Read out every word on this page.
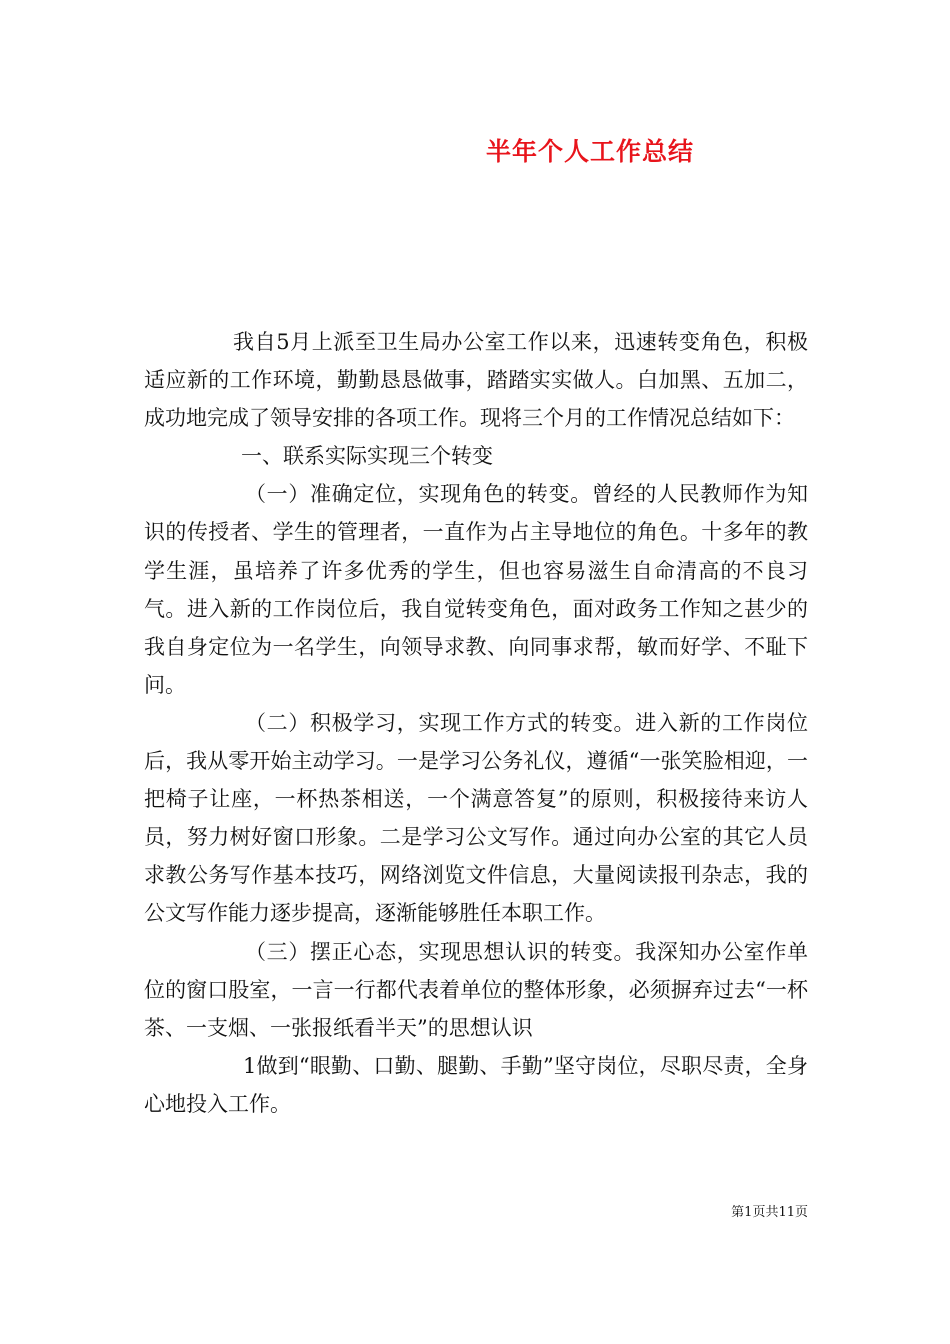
半年个人工作总结

我自5月上派至卫生局办公室工作以来，迅速转变角色，积极适应新的工作环境，勤勤恳恳做事，踏踏实实做人。白加黑、五加二，成功地完成了领导安排的各项工作。现将三个月的工作情况总结如下：

一、联系实际实现三个转变

（一）准确定位，实现角色的转变。曾经的人民教师作为知识的传授者、学生的管理者，一直作为占主导地位的角色。十多年的教学生涯，虽培养了许多优秀的学生，但也容易滋生自命清高的不良习气。进入新的工作岗位后，我自觉转变角色，面对政务工作知之甚少的我自身定位为一名学生，向领导求教、向同事求帮，敏而好学、不耻下问。

（二）积极学习，实现工作方式的转变。进入新的工作岗位后，我从零开始主动学习。一是学习公务礼仪，遵循“一张笑脸相迎，一把椅子让座，一杯热茶相送，一个满意答复”的原则，积极接待来访人员，努力树好窗口形象。二是学习公文写作。通过向办公室的其它人员求教公务写作基本技巧，网络浏览文件信息，大量阅读报刊杂志，我的公文写作能力逐步提高，逐渐能够胜任本职工作。

（三）摆正心态，实现思想认识的转变。我深知办公室作单位的窗口股室，一言一行都代表着单位的整体形象，必须摒弃过去“一杯茶、一支烟、一张报纸看半天”的思想认识

1做到“眼勤、口勤、腿勤、手勤”坚守岗位，尽职尽责，全身心地投入工作。

第1页共11页
